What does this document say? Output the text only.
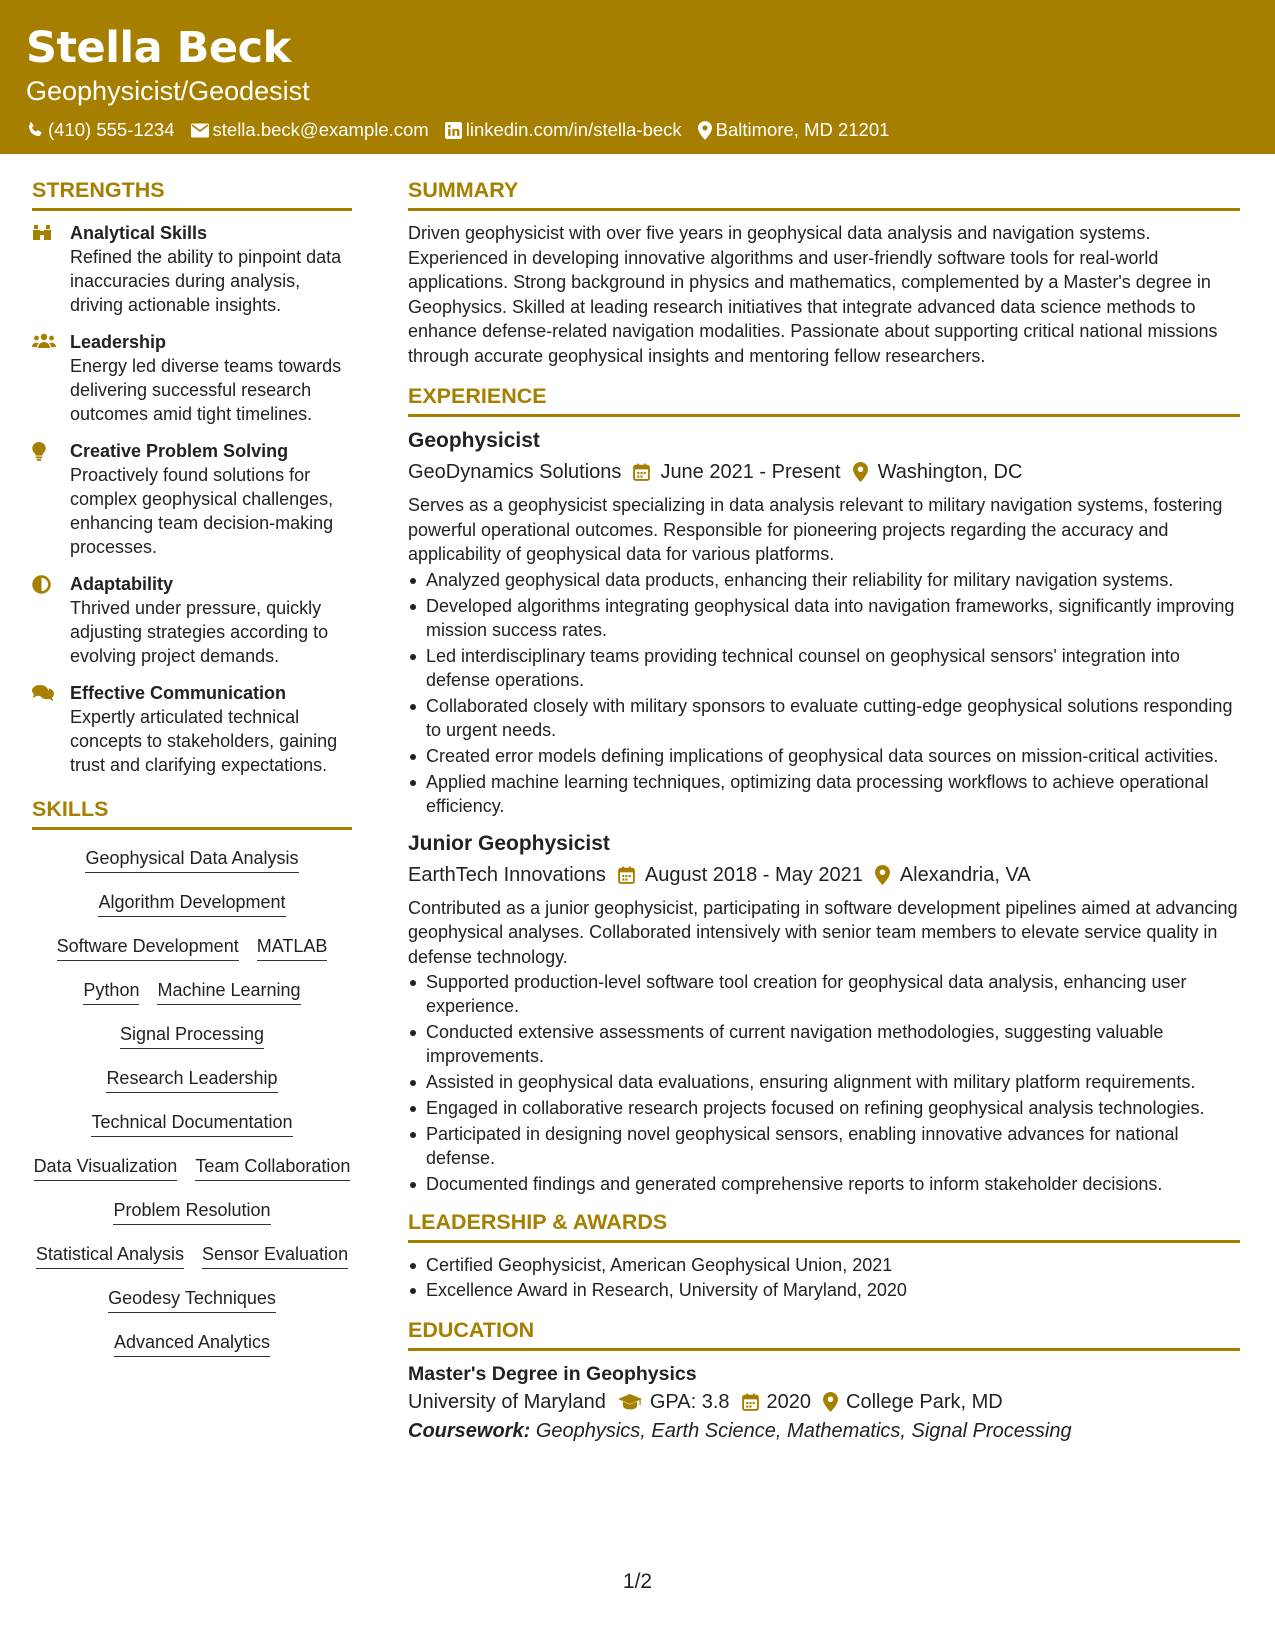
Stella Beck
Geophysicist/Geodesist
(410) 555-1234 stella.beck@example.com linkedin.com/in/stella-beck Baltimore, MD 21201
STRENGTHS
Analytical Skills
Refined the ability to pinpoint data inaccuracies during analysis, driving actionable insights.
Leadership
Energy led diverse teams towards delivering successful research outcomes amid tight timelines.
Creative Problem Solving
Proactively found solutions for complex geophysical challenges, enhancing team decision-making processes.
Adaptability
Thrived under pressure, quickly adjusting strategies according to evolving project demands.
Effective Communication
Expertly articulated technical concepts to stakeholders, gaining trust and clarifying expectations.
SKILLS
Geophysical Data Analysis
Algorithm Development
Software Development MATLAB
Python Machine Learning
Signal Processing
Research Leadership
Technical Documentation
Data Visualization Team Collaboration
Problem Resolution
Statistical Analysis Sensor Evaluation
Geodesy Techniques
Advanced Analytics
SUMMARY
Driven geophysicist with over five years in geophysical data analysis and navigation systems. Experienced in developing innovative algorithms and user-friendly software tools for real-world applications. Strong background in physics and mathematics, complemented by a Master's degree in Geophysics. Skilled at leading research initiatives that integrate advanced data science methods to enhance defense-related navigation modalities. Passionate about supporting critical national missions through accurate geophysical insights and mentoring fellow researchers.
EXPERIENCE
Geophysicist
GeoDynamics Solutions June 2021 - Present Washington, DC
Serves as a geophysicist specializing in data analysis relevant to military navigation systems, fostering powerful operational outcomes. Responsible for pioneering projects regarding the accuracy and applicability of geophysical data for various platforms.
Analyzed geophysical data products, enhancing their reliability for military navigation systems.
Developed algorithms integrating geophysical data into navigation frameworks, significantly improving mission success rates.
Led interdisciplinary teams providing technical counsel on geophysical sensors' integration into defense operations.
Collaborated closely with military sponsors to evaluate cutting-edge geophysical solutions responding to urgent needs.
Created error models defining implications of geophysical data sources on mission-critical activities.
Applied machine learning techniques, optimizing data processing workflows to achieve operational efficiency.
Junior Geophysicist
EarthTech Innovations August 2018 - May 2021 Alexandria, VA
Contributed as a junior geophysicist, participating in software development pipelines aimed at advancing geophysical analyses. Collaborated intensively with senior team members to elevate service quality in defense technology.
Supported production-level software tool creation for geophysical data analysis, enhancing user experience.
Conducted extensive assessments of current navigation methodologies, suggesting valuable improvements.
Assisted in geophysical data evaluations, ensuring alignment with military platform requirements.
Engaged in collaborative research projects focused on refining geophysical analysis technologies.
Participated in designing novel geophysical sensors, enabling innovative advances for national defense.
Documented findings and generated comprehensive reports to inform stakeholder decisions.
LEADERSHIP & AWARDS
Certified Geophysicist, American Geophysical Union, 2021
Excellence Award in Research, University of Maryland, 2020
EDUCATION
Master's Degree in Geophysics
University of Maryland GPA: 3.8 2020 College Park, MD
Coursework: Geophysics, Earth Science, Mathematics, Signal Processing
1/2
